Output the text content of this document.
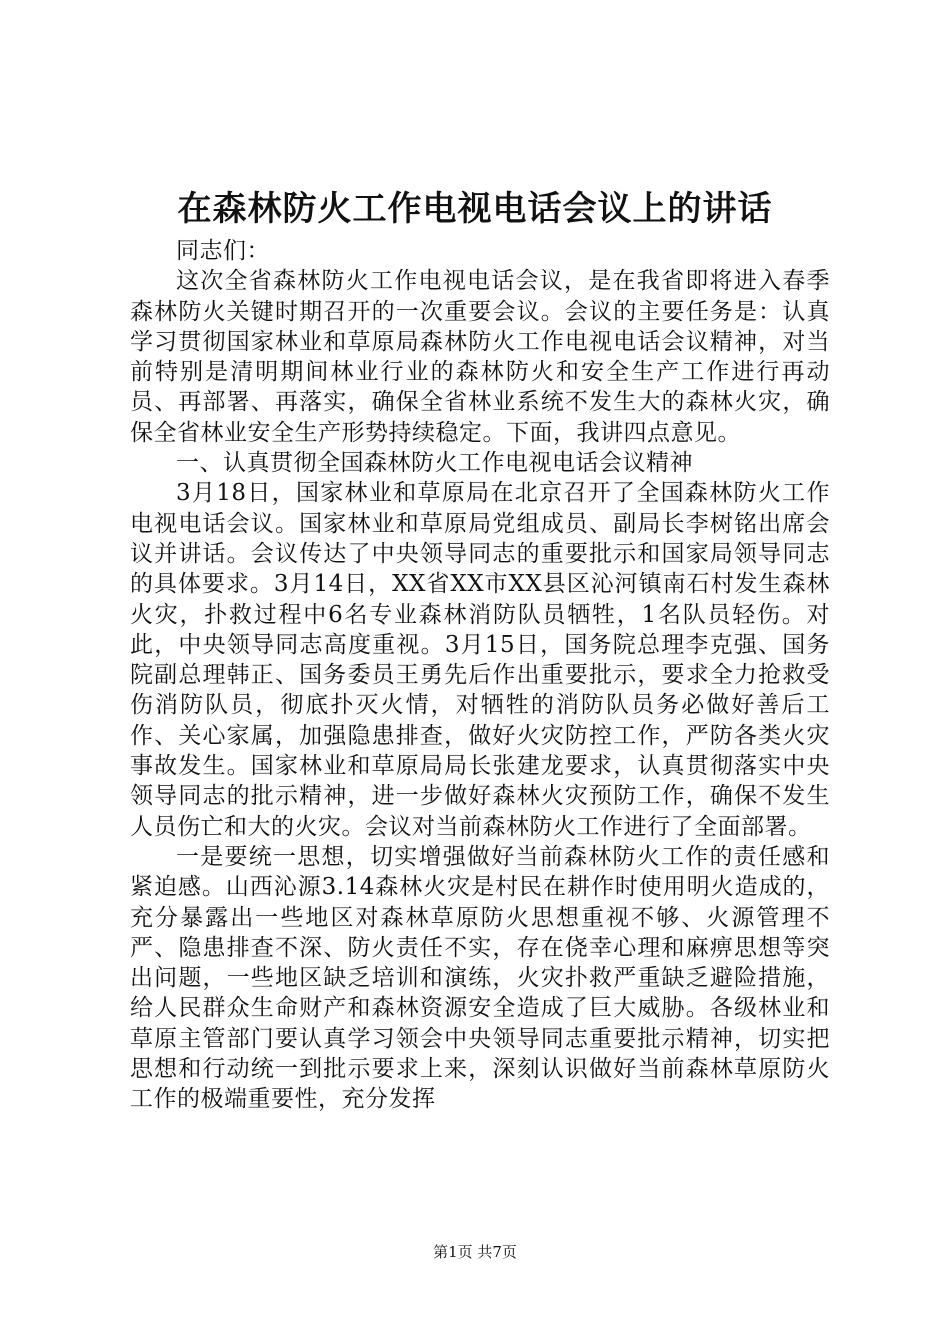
在森林防火工作电视电话会议上的讲话

同志们：

这次全省森林防火工作电视电话会议，是在我省即将进入春季森林防火关键时期召开的一次重要会议。会议的主要任务是：认真学习贯彻国家林业和草原局森林防火工作电视电话会议精神，对当前特别是清明期间林业行业的森林防火和安全生产工作进行再动员、再部署、再落实，确保全省林业系统不发生大的森林火灾，确保全省林业安全生产形势持续稳定。下面，我讲四点意见。

一、认真贯彻全国森林防火工作电视电话会议精神

3月18日，国家林业和草原局在北京召开了全国森林防火工作电视电话会议。国家林业和草原局党组成员、副局长李树铭出席会议并讲话。会议传达了中央领导同志的重要批示和国家局领导同志的具体要求。3月14日，XX省XX市XX县区沁河镇南石村发生森林火灾，扑救过程中6名专业森林消防队员牺牲，1名队员轻伤。对此，中央领导同志高度重视。3月15日，国务院总理李克强、国务院副总理韩正、国务委员王勇先后作出重要批示，要求全力抢救受伤消防队员，彻底扑灭火情，对牺牲的消防队员务必做好善后工作、关心家属，加强隐患排查，做好火灾防控工作，严防各类火灾事故发生。国家林业和草原局局长张建龙要求，认真贯彻落实中央领导同志的批示精神，进一步做好森林火灾预防工作，确保不发生人员伤亡和大的火灾。会议对当前森林防火工作进行了全面部署。

一是要统一思想，切实增强做好当前森林防火工作的责任感和紧迫感。山西沁源3.14森林火灾是村民在耕作时使用明火造成的，充分暴露出一些地区对森林草原防火思想重视不够、火源管理不严、隐患排查不深、防火责任不实，存在侥幸心理和麻痹思想等突出问题，一些地区缺乏培训和演练，火灾扑救严重缺乏避险措施，给人民群众生命财产和森林资源安全造成了巨大威胁。各级林业和草原主管部门要认真学习领会中央领导同志重要批示精神，切实把思想和行动统一到批示要求上来，深刻认识做好当前森林草原防火工作的极端重要性，充分发挥

第1页 共7页
